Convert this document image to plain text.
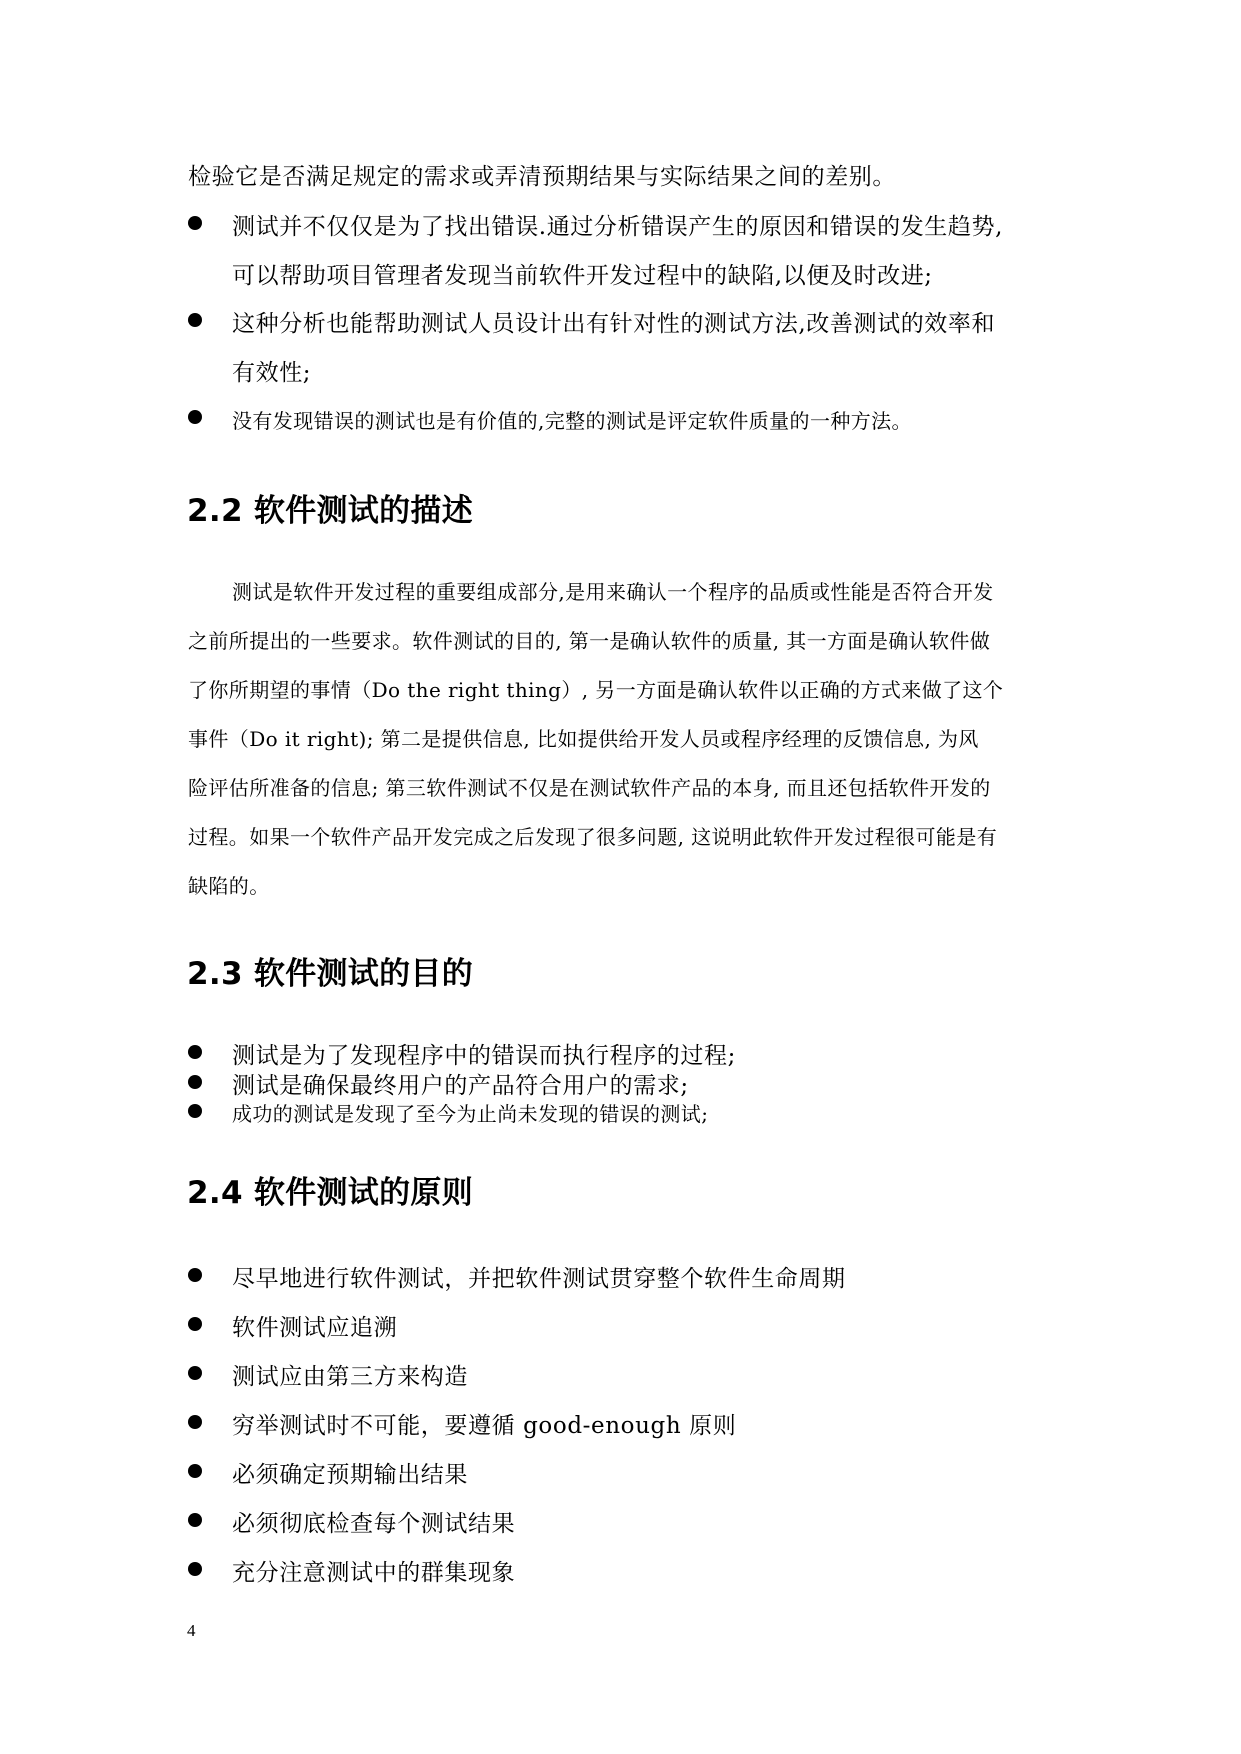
检验它是否满足规定的需求或弄清预期结果与实际结果之间的差别。
测试并不仅仅是为了找出错误.通过分析错误产生的原因和错误的发生趋势,
可以帮助项目管理者发现当前软件开发过程中的缺陷,以便及时改进;
这种分析也能帮助测试人员设计出有针对性的测试方法,改善测试的效率和
有效性;
没有发现错误的测试也是有价值的,完整的测试是评定软件质量的一种方法。
2.2 软件测试的描述
测试是软件开发过程的重要组成部分,是用来确认一个程序的品质或性能是否符合开发
之前所提出的一些要求。软件测试的目的, 第一是确认软件的质量, 其一方面是确认软件做
了你所期望的事情（Do the right thing）, 另一方面是确认软件以正确的方式来做了这个
事件（Do it right); 第二是提供信息, 比如提供给开发人员或程序经理的反馈信息, 为风
险评估所准备的信息; 第三软件测试不仅是在测试软件产品的本身, 而且还包括软件开发的
过程。如果一个软件产品开发完成之后发现了很多问题, 这说明此软件开发过程很可能是有
缺陷的。
2.3 软件测试的目的
测试是为了发现程序中的错误而执行程序的过程;
测试是确保最终用户的产品符合用户的需求;
成功的测试是发现了至今为止尚未发现的错误的测试;
2.4 软件测试的原则
尽早地进行软件测试，并把软件测试贯穿整个软件生命周期
软件测试应追溯
测试应由第三方来构造
穷举测试时不可能，要遵循 good-enough 原则
必须确定预期输出结果
必须彻底检查每个测试结果
充分注意测试中的群集现象
4
